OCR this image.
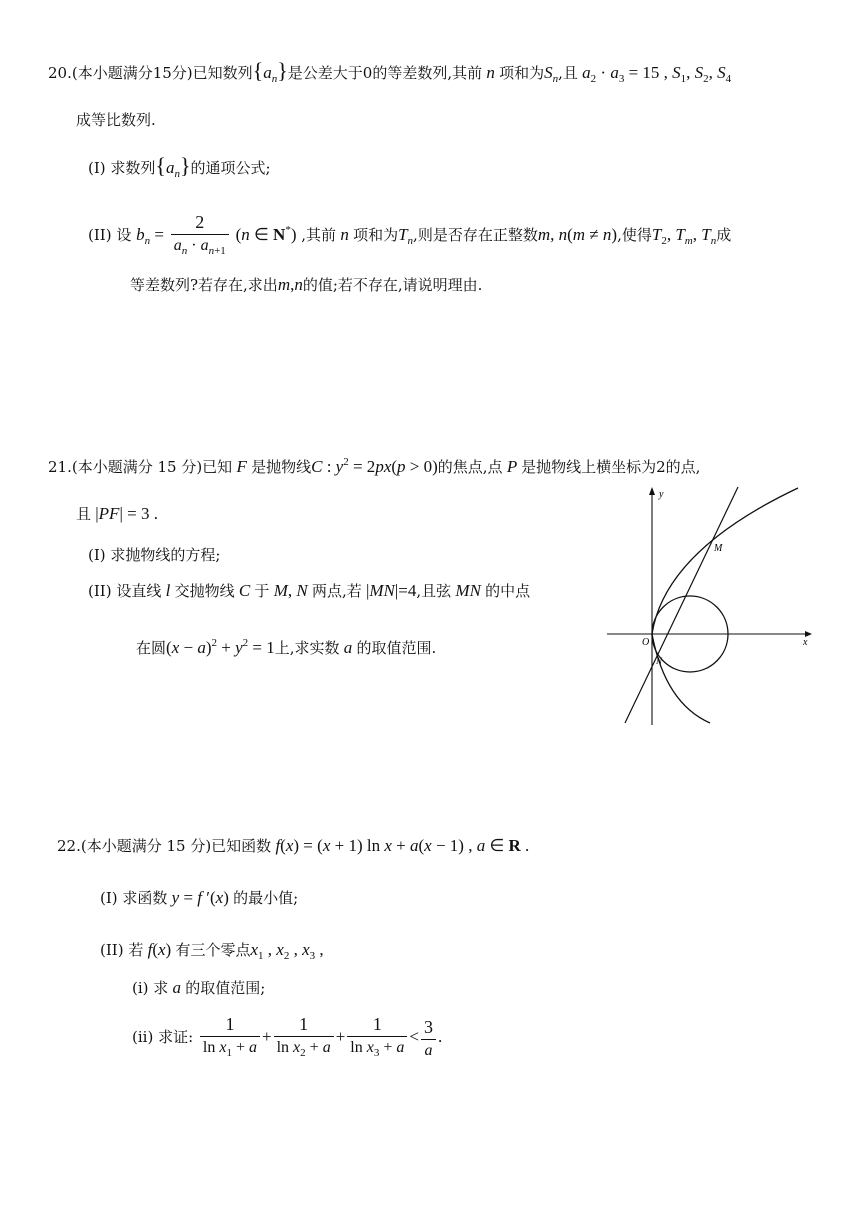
20.(本小题满分15分)已知数列$\{a_n\}$是公差大于0的等差数列,其前 n 项和为$S_n$,且 $a_2 \cdot a_3 = 15$ , $S_1$, $S_2$, $S_4$
成等比数列.
(I) 求数列$\{a_n\}$的通项公式;
(II) 设 $b_n = \frac{2}{a_n \cdot a_{n+1}} (n$ ∈ N*) ,其前 n 项和为$T_n$,则是否存在正整数m, n(m ≠ n),使得$T_2$, $T_m$, $T_n$成
等差数列?若存在,求出m,n的值;若不存在,请说明理由.
21.(本小题满分 15 分)已知 F 是抛物线C : $y^2 = 2px(p > 0)$的焦点,点 P 是抛物线上横坐标为2的点,
且 |PF| = 3 .
(I) 求抛物线的方程;
(II) 设直线 l 交抛物线 C 于 M, N 两点,若 |MN|=4,且弦 MN 的中点
在圆$(x - a)^2 + y^2 = 1$上,求实数 a 的取值范围.	x
y
O
M
N
22.(本小题满分 15 分)已知函数 f(x) = (x + 1) ln x + a(x − 1) , a ∈ R .
(I) 求函数 y = f ′(x) 的最小值;
(II) 若 f(x) 有三个零点$x_1$ , $x_2$ , $x_3$ ,
(i) 求 a 的取值范围;
(ii) 求证: $\frac{1}{\ln x_1 + a} + \frac{1}{\ln x_2 + a} + \frac{1}{\ln x_3 + a} < \frac{3}{a}$ .
